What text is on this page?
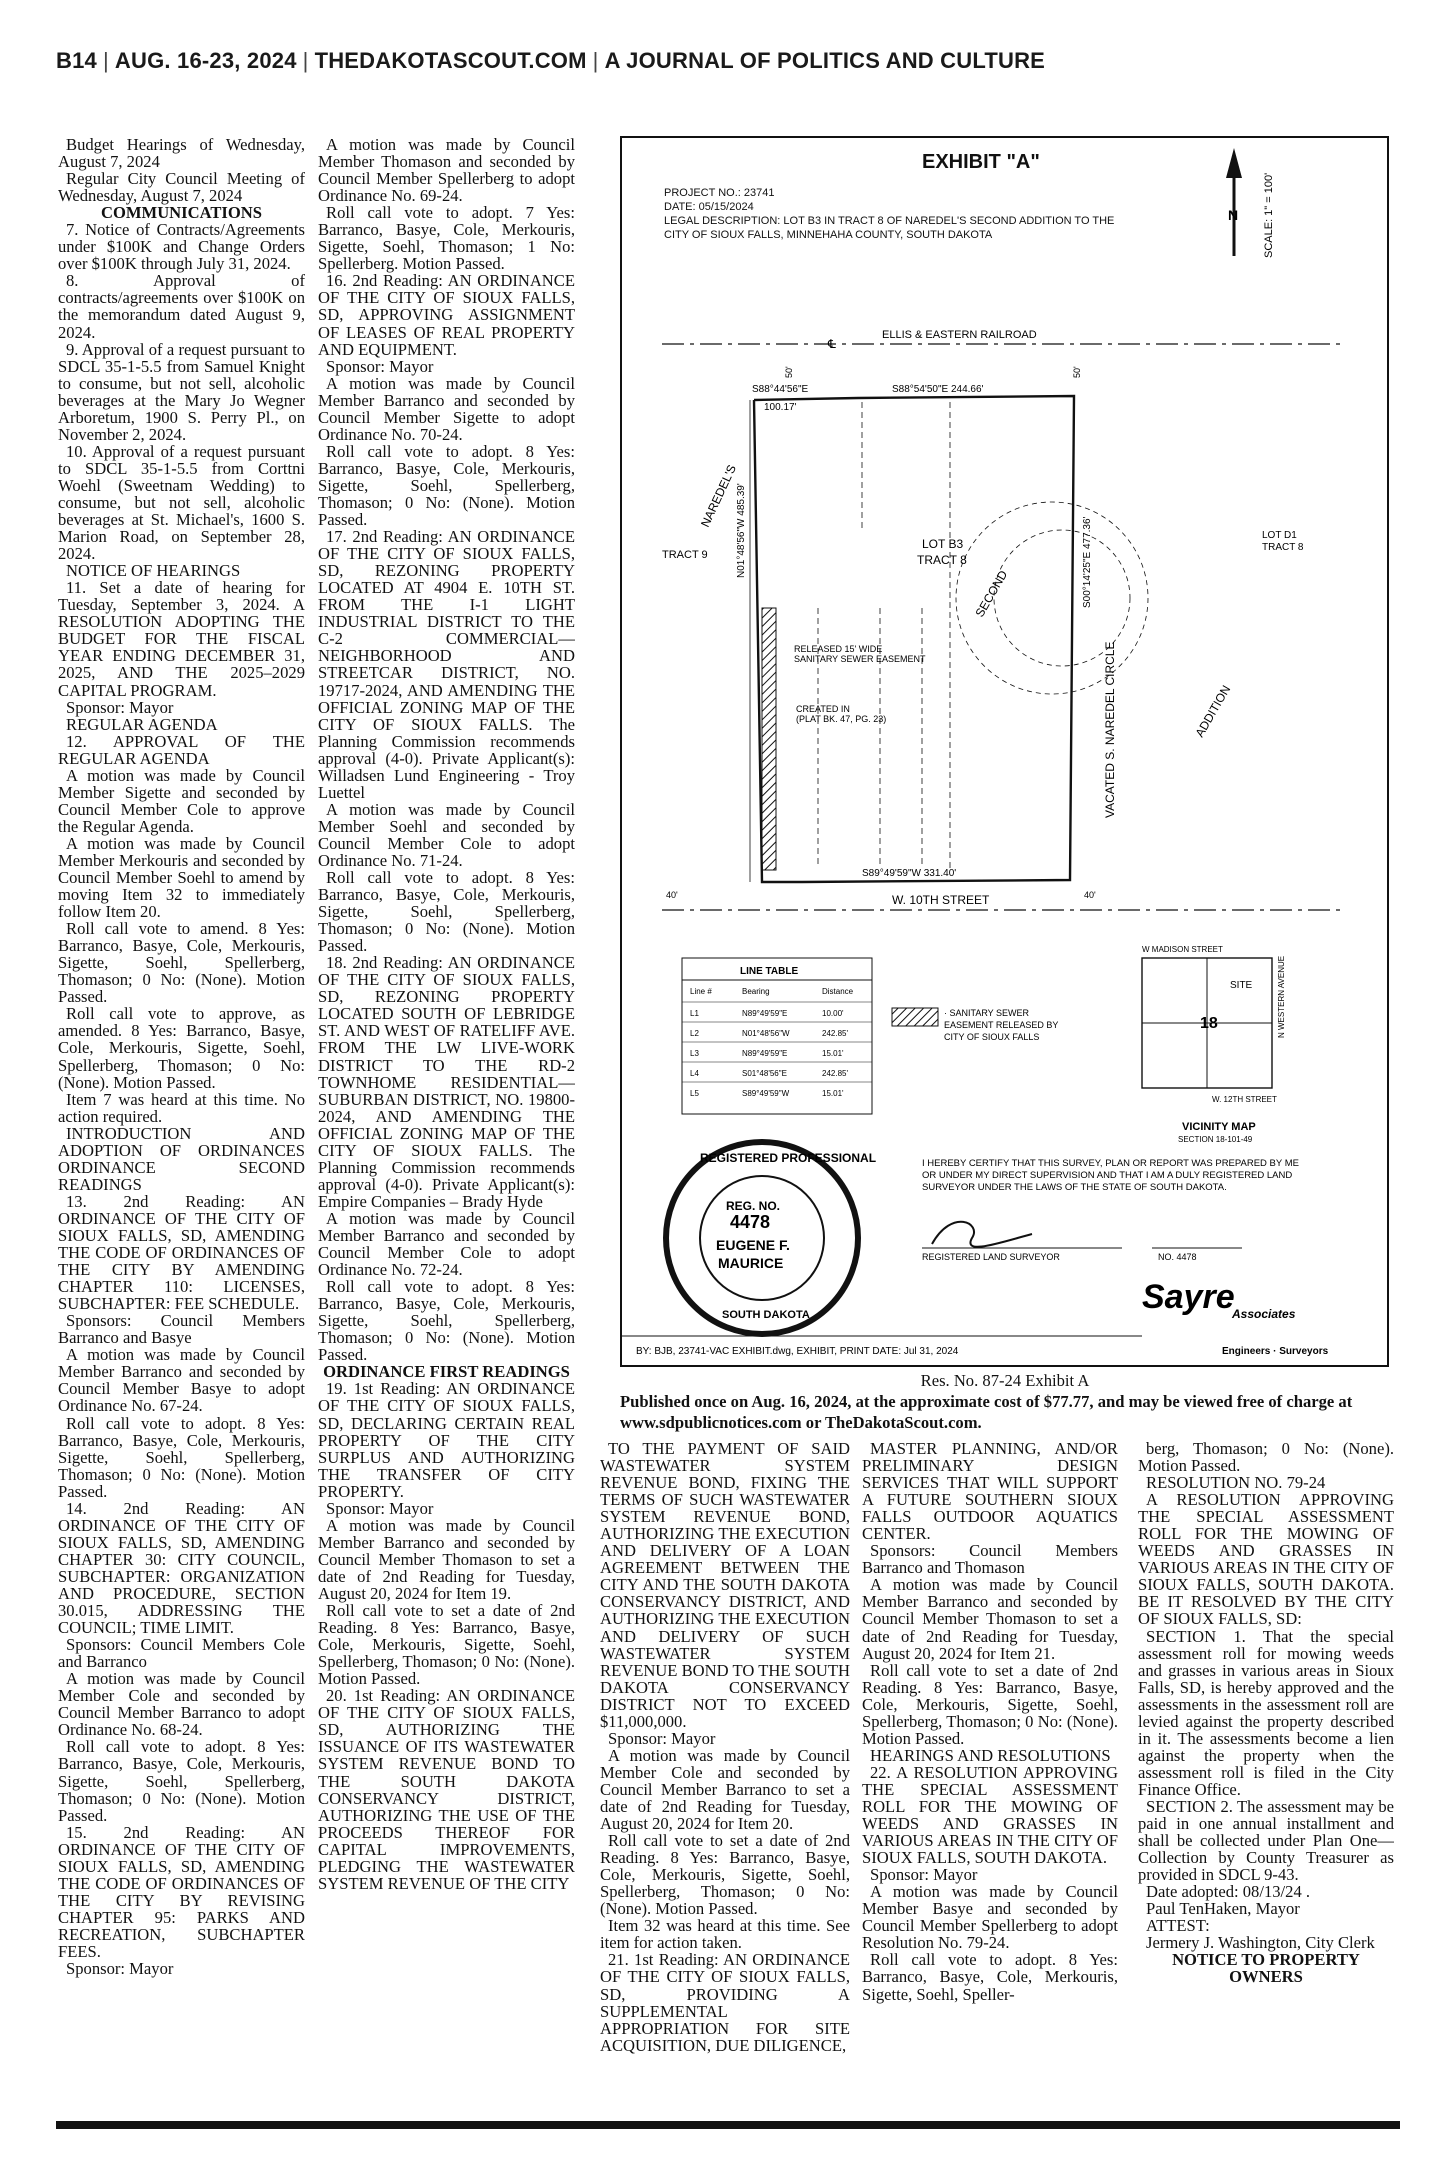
B14 | AUG. 16-23, 2024 | THEDAKOTASCOUT.COM | A JOURNAL OF POLITICS AND CULTURE

Budget Hearings of Wednesday, August 7, 2024

Regular City Council Meeting of Wednesday, August 7, 2024

COMMUNICATIONS

7. Notice of Contracts/Agreements under $100K and Change Orders over $100K through July 31, 2024.

8. Approval of contracts/agreements over $100K on the memorandum dated August 9, 2024.

9. Approval of a request pursuant to SDCL 35-1-5.5 from Samuel Knight to consume, but not sell, alcoholic beverages at the Mary Jo Wegner Arboretum, 1900 S. Perry Pl., on November 2, 2024.

10. Approval of a request pursuant to SDCL 35-1-5.5 from Corttni Woehl (Sweetnam Wedding) to consume, but not sell, alcoholic beverages at St. Michael's, 1600 S. Marion Road, on September 28, 2024.

NOTICE OF HEARINGS

11. Set a date of hearing for Tuesday, September 3, 2024. A RESOLUTION ADOPTING THE BUDGET FOR THE FISCAL YEAR ENDING DECEMBER 31, 2025, AND THE 2025–2029 CAPITAL PROGRAM.

Sponsor: Mayor

REGULAR AGENDA

12. APPROVAL OF THE REGULAR AGENDA

A motion was made by Council Member Sigette and seconded by Council Member Cole to approve the Regular Agenda.

A motion was made by Council Member Merkouris and seconded by Council Member Soehl to amend by moving Item 32 to immediately follow Item 20.

Roll call vote to amend. 8 Yes: Barranco, Basye, Cole, Merkouris, Sigette, Soehl, Spellerberg, Thomason; 0 No: (None). Motion Passed.

Roll call vote to approve, as amended. 8 Yes: Barranco, Basye, Cole, Merkouris, Sigette, Soehl, Spellerberg, Thomason; 0 No: (None). Motion Passed.

Item 7 was heard at this time. No action required.

INTRODUCTION AND ADOPTION OF ORDINANCES ORDINANCE SECOND READINGS

13. 2nd Reading: AN ORDINANCE OF THE CITY OF SIOUX FALLS, SD, AMENDING THE CODE OF ORDINANCES OF THE CITY BY AMENDING CHAPTER 110: LICENSES, SUBCHAPTER: FEE SCHEDULE.

Sponsors: Council Members Barranco and Basye

A motion was made by Council Member Barranco and seconded by Council Member Basye to adopt Ordinance No. 67-24.

Roll call vote to adopt. 8 Yes: Barranco, Basye, Cole, Merkouris, Sigette, Soehl, Spellerberg, Thomason; 0 No: (None). Motion Passed.

14. 2nd Reading: AN ORDINANCE OF THE CITY OF SIOUX FALLS, SD, AMENDING CHAPTER 30: CITY COUNCIL, SUBCHAPTER: ORGANIZATION AND PROCEDURE, SECTION 30.015, ADDRESSING THE COUNCIL; TIME LIMIT.

Sponsors: Council Members Cole and Barranco

A motion was made by Council Member Cole and seconded by Council Member Barranco to adopt Ordinance No. 68-24.

Roll call vote to adopt. 8 Yes: Barranco, Basye, Cole, Merkouris, Sigette, Soehl, Spellerberg, Thomason; 0 No: (None). Motion Passed.

15. 2nd Reading: AN ORDINANCE OF THE CITY OF SIOUX FALLS, SD, AMENDING THE CODE OF ORDINANCES OF THE CITY BY REVISING CHAPTER 95: PARKS AND RECREATION, SUBCHAPTER FEES.

Sponsor: Mayor

A motion was made by Council Member Thomason and seconded by Council Member Spellerberg to adopt Ordinance No. 69-24.

Roll call vote to adopt. 7 Yes: Barranco, Basye, Cole, Merkouris, Sigette, Soehl, Thomason; 1 No: Spellerberg. Motion Passed.

16. 2nd Reading: AN ORDINANCE OF THE CITY OF SIOUX FALLS, SD, APPROVING ASSIGNMENT OF LEASES OF REAL PROPERTY AND EQUIPMENT.

Sponsor: Mayor

A motion was made by Council Member Barranco and seconded by Council Member Sigette to adopt Ordinance No. 70-24.

Roll call vote to adopt. 8 Yes: Barranco, Basye, Cole, Merkouris, Sigette, Soehl, Spellerberg, Thomason; 0 No: (None). Motion Passed.

17. 2nd Reading: AN ORDINANCE OF THE CITY OF SIOUX FALLS, SD, REZONING PROPERTY LOCATED AT 4904 E. 10TH ST. FROM THE I-1 LIGHT INDUSTRIAL DISTRICT TO THE C-2 COMMERCIAL—NEIGHBORHOOD AND STREETCAR DISTRICT, NO. 19717-2024, AND AMENDING THE OFFICIAL ZONING MAP OF THE CITY OF SIOUX FALLS. The Planning Commission recommends approval (4-0). Private Applicant(s): Willadsen Lund Engineering - Troy Luettel

A motion was made by Council Member Soehl and seconded by Council Member Cole to adopt Ordinance No. 71-24.

Roll call vote to adopt. 8 Yes: Barranco, Basye, Cole, Merkouris, Sigette, Soehl, Spellerberg, Thomason; 0 No: (None). Motion Passed.

18. 2nd Reading: AN ORDINANCE OF THE CITY OF SIOUX FALLS, SD, REZONING PROPERTY LOCATED SOUTH OF LEBRIDGE ST. AND WEST OF RATELIFF AVE. FROM THE LW LIVE-WORK DISTRICT TO THE RD-2 TOWNHOME RESIDENTIAL—SUBURBAN DISTRICT, NO. 19800-2024, AND AMENDING THE OFFICIAL ZONING MAP OF THE CITY OF SIOUX FALLS. The Planning Commission recommends approval (4-0). Private Applicant(s): Empire Companies – Brady Hyde

A motion was made by Council Member Barranco and seconded by Council Member Cole to adopt Ordinance No. 72-24.

Roll call vote to adopt. 8 Yes: Barranco, Basye, Cole, Merkouris, Sigette, Soehl, Spellerberg, Thomason; 0 No: (None). Motion Passed.

ORDINANCE FIRST READINGS

19. 1st Reading: AN ORDINANCE OF THE CITY OF SIOUX FALLS, SD, DECLARING CERTAIN REAL PROPERTY OF THE CITY SURPLUS AND AUTHORIZING THE TRANSFER OF CITY PROPERTY.

Sponsor: Mayor

A motion was made by Council Member Barranco and seconded by Council Member Thomason to set a date of 2nd Reading for Tuesday, August 20, 2024 for Item 19.

Roll call vote to set a date of 2nd Reading. 8 Yes: Barranco, Basye, Cole, Merkouris, Sigette, Soehl, Spellerberg, Thomason; 0 No: (None). Motion Passed.

20. 1st Reading: AN ORDINANCE OF THE CITY OF SIOUX FALLS, SD, AUTHORIZING THE ISSUANCE OF ITS WASTEWATER SYSTEM REVENUE BOND TO THE SOUTH DAKOTA CONSERVANCY DISTRICT, AUTHORIZING THE USE OF THE PROCEEDS THEREOF FOR CAPITAL IMPROVEMENTS, PLEDGING THE WASTEWATER SYSTEM REVENUE OF THE CITY

TO THE PAYMENT OF SAID WASTEWATER SYSTEM REVENUE BOND, FIXING THE TERMS OF SUCH WASTEWATER SYSTEM REVENUE BOND, AUTHORIZING THE EXECUTION AND DELIVERY OF A LOAN AGREEMENT BETWEEN THE CITY AND THE SOUTH DAKOTA CONSERVANCY DISTRICT, AND AUTHORIZING THE EXECUTION AND DELIVERY OF SUCH WASTEWATER SYSTEM REVENUE BOND TO THE SOUTH DAKOTA CONSERVANCY DISTRICT NOT TO EXCEED $11,000,000.

Sponsor: Mayor

A motion was made by Council Member Cole and seconded by Council Member Barranco to set a date of 2nd Reading for Tuesday, August 20, 2024 for Item 20.

Roll call vote to set a date of 2nd Reading. 8 Yes: Barranco, Basye, Cole, Merkouris, Sigette, Soehl, Spellerberg, Thomason; 0 No: (None). Motion Passed.

Item 32 was heard at this time. See item for action taken.

21. 1st Reading: AN ORDINANCE OF THE CITY OF SIOUX FALLS, SD, PROVIDING A SUPPLEMENTAL APPROPRIATION FOR SITE ACQUISITION, DUE DILIGENCE,

MASTER PLANNING, AND/OR PRELIMINARY DESIGN SERVICES THAT WILL SUPPORT A FUTURE SOUTHERN SIOUX FALLS OUTDOOR AQUATICS CENTER.

Sponsors: Council Members Barranco and Thomason

A motion was made by Council Member Barranco and seconded by Council Member Thomason to set a date of 2nd Reading for Tuesday, August 20, 2024 for Item 21.

Roll call vote to set a date of 2nd Reading. 8 Yes: Barranco, Basye, Cole, Merkouris, Sigette, Soehl, Spellerberg, Thomason; 0 No: (None). Motion Passed.

HEARINGS AND RESOLUTIONS

22. A RESOLUTION APPROVING THE SPECIAL ASSESSMENT ROLL FOR THE MOWING OF WEEDS AND GRASSES IN VARIOUS AREAS IN THE CITY OF SIOUX FALLS, SOUTH DAKOTA.

Sponsor: Mayor

A motion was made by Council Member Basye and seconded by Council Member Spellerberg to adopt Resolution No. 79-24.

Roll call vote to adopt. 8 Yes: Barranco, Basye, Cole, Merkouris, Sigette, Soehl, Speller-

berg, Thomason; 0 No: (None). Motion Passed.

RESOLUTION NO. 79-24

A RESOLUTION APPROVING THE SPECIAL ASSESSMENT ROLL FOR THE MOWING OF WEEDS AND GRASSES IN VARIOUS AREAS IN THE CITY OF SIOUX FALLS, SOUTH DAKOTA. BE IT RESOLVED BY THE CITY OF SIOUX FALLS, SD:

SECTION 1. That the special assessment roll for mowing weeds and grasses in various areas in Sioux Falls, SD, is hereby approved and the assessments in the assessment roll are levied against the property described in it. The assessments become a lien against the property when the assessment roll is filed in the City Finance Office.

SECTION 2. The assessment may be paid in one annual installment and shall be collected under Plan One—Collection by County Treasurer as provided in SDCL 9-43.

Date adopted: 08/13/24 .

Paul TenHaken, Mayor

ATTEST:

Jermery J. Washington, City Clerk

NOTICE TO PROPERTY OWNERS

EXHIBIT "A"
PROJECT NO.: 23741
DATE: 05/15/2024
LEGAL DESCRIPTION: LOT B3 IN TRACT 8 OF NAREDEL'S SECOND ADDITION TO THE
CITY OF SIOUX FALLS, MINNEHAHA COUNTY, SOUTH DAKOTA
N SCALE: 1" = 100'
ELLIS & EASTERN RAILROAD
℄
50'	50'
S88°44'56"E	S88°54'50"E 244.66'
100.17'
N01°48'56"W 485.39'	S00°14'25"E 477.36'
S89°49'59"W 331.40'
LOT B3
TRACT 8
TRACT 9
LOT D1
TRACT 8
NAREDEL'S
SECOND
ADDITION
VACATED S. NAREDEL CIRCLE
RELEASED 15' WIDE
SANITARY SEWER EASEMENT
CREATED IN
(PLAT BK. 47, PG. 23)
W. 10TH STREET
40'	40'
LINE TABLE
Line #	Bearing	Distance
L1	N89°49'59"E	10.00'
L2	N01°48'56"W	242.85'
L3	N89°49'59"E	15.01'
L4	S01°48'56"E	242.85'
L5	S89°49'59"W	15.01'
· SANITARY SEWER
EASEMENT RELEASED BY
CITY OF SIOUX FALLS
W MADISON STREET
W. 12TH STREET
N WESTERN AVENUE
SITE
18
VICINITY MAP
SECTION 18-101-49
REG. NO.
4478
EUGENE F.
MAURICE
REGISTERED PROFESSIONAL
SOUTH DAKOTA
I HEREBY CERTIFY THAT THIS SURVEY, PLAN OR REPORT WAS PREPARED BY ME
OR UNDER MY DIRECT SUPERVISION AND THAT I AM A DULY REGISTERED LAND
SURVEYOR UNDER THE LAWS OF THE STATE OF SOUTH DAKOTA.
REGISTERED LAND SURVEYOR	NO. 4478
Sayre
Associates
Engineers · Surveyors
BY: BJB, 23741-VAC EXHIBIT.dwg, EXHIBIT, PRINT DATE: Jul 31, 2024
Res. No. 87-24 Exhibit A
Published once on Aug. 16, 2024, at the approximate cost of $77.77, and may be viewed free of charge at www.sdpublicnotices.com or TheDakotaScout.com.
